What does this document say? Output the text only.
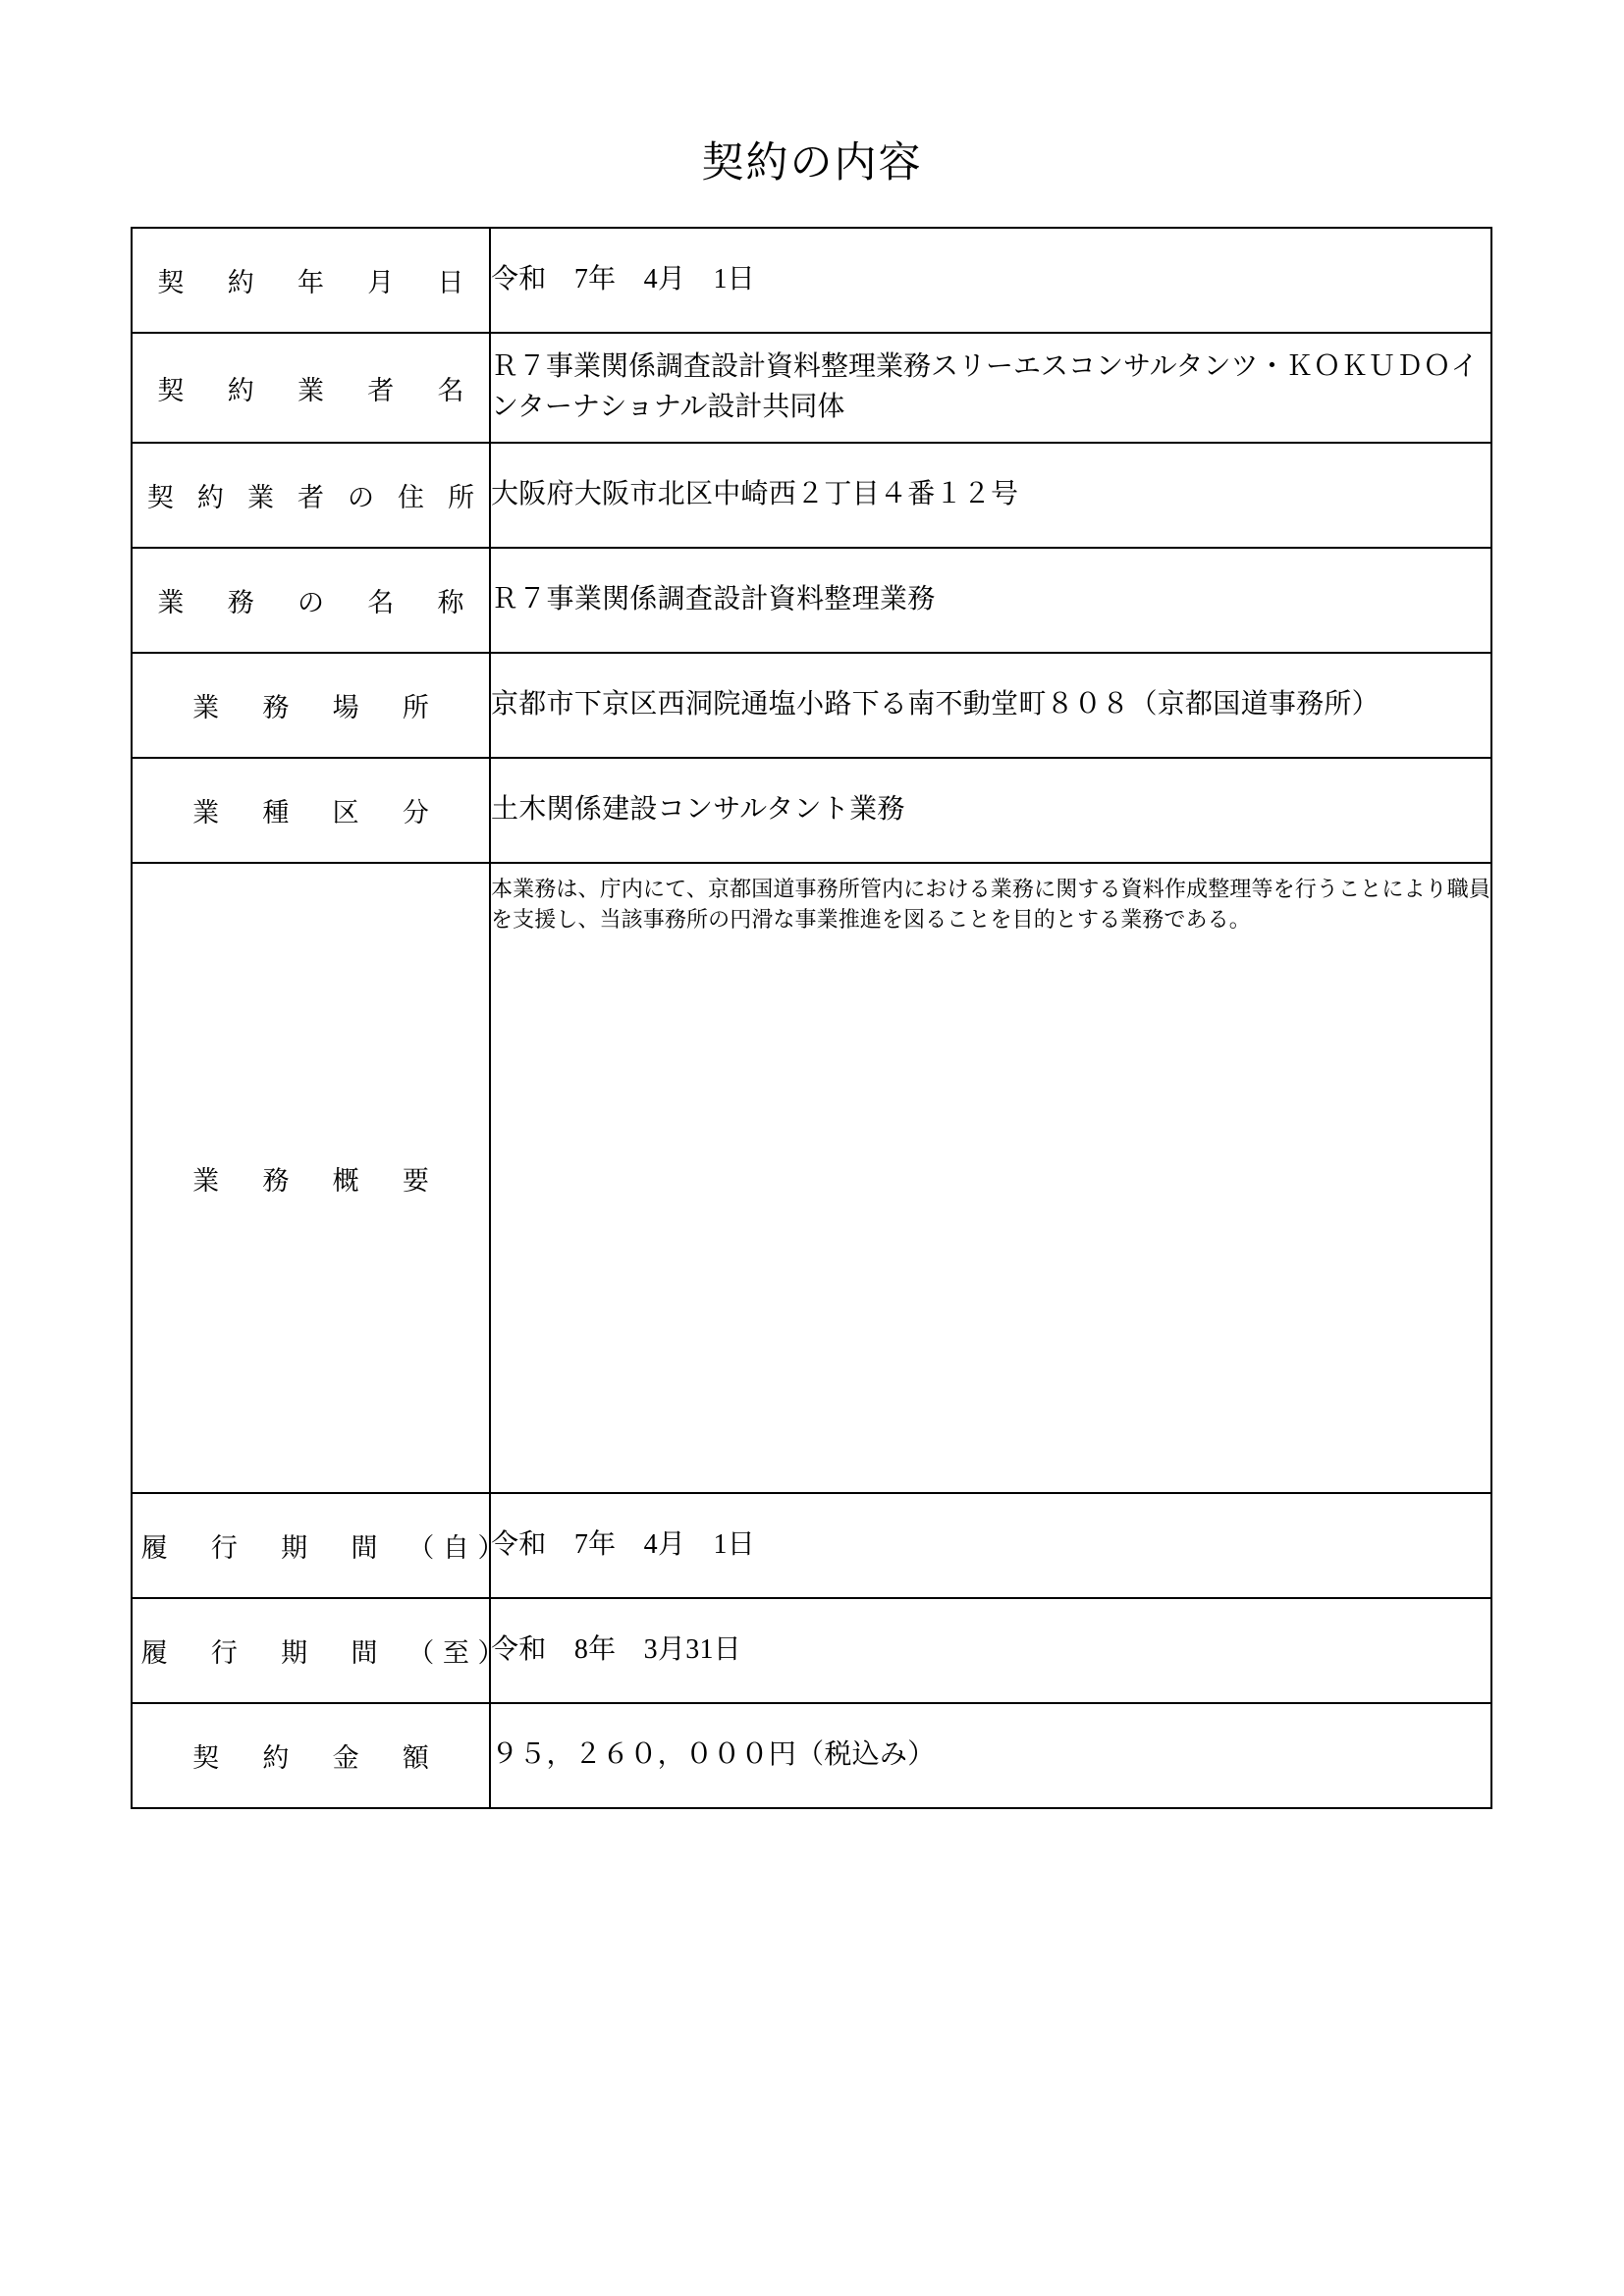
契約の内容
契　約　年　月　日	令和　7年　4月　1日

契　約　業　者　名	Ｒ７事業関係調査設計資料整理業務スリーエスコンサルタンツ・ＫＯＫＵＤＯインターナショナル設計共同体

契 約 業 者 の 住 所	大阪府大阪市北区中崎西２丁目４番１２号

業　務　の　名　称	Ｒ７事業関係調査設計資料整理業務

業　務　場　所	京都市下京区西洞院通塩小路下る南不動堂町８０８（京都国道事務所）

業　種　区　分	土木関係建設コンサルタント業務

業　務　概　要	本業務は、庁内にて、京都国道事務所管内における業務に関する資料作成整理等を行うことにより職員を支援し、当該事務所の円滑な事業推進を図ることを目的とする業務である。

履　行　期　間　（自）	令和　7年　4月　1日

履　行　期　間　（至）	令和　8年　3月31日

契　約　金　額	９５，２６０，０００円（税込み）
